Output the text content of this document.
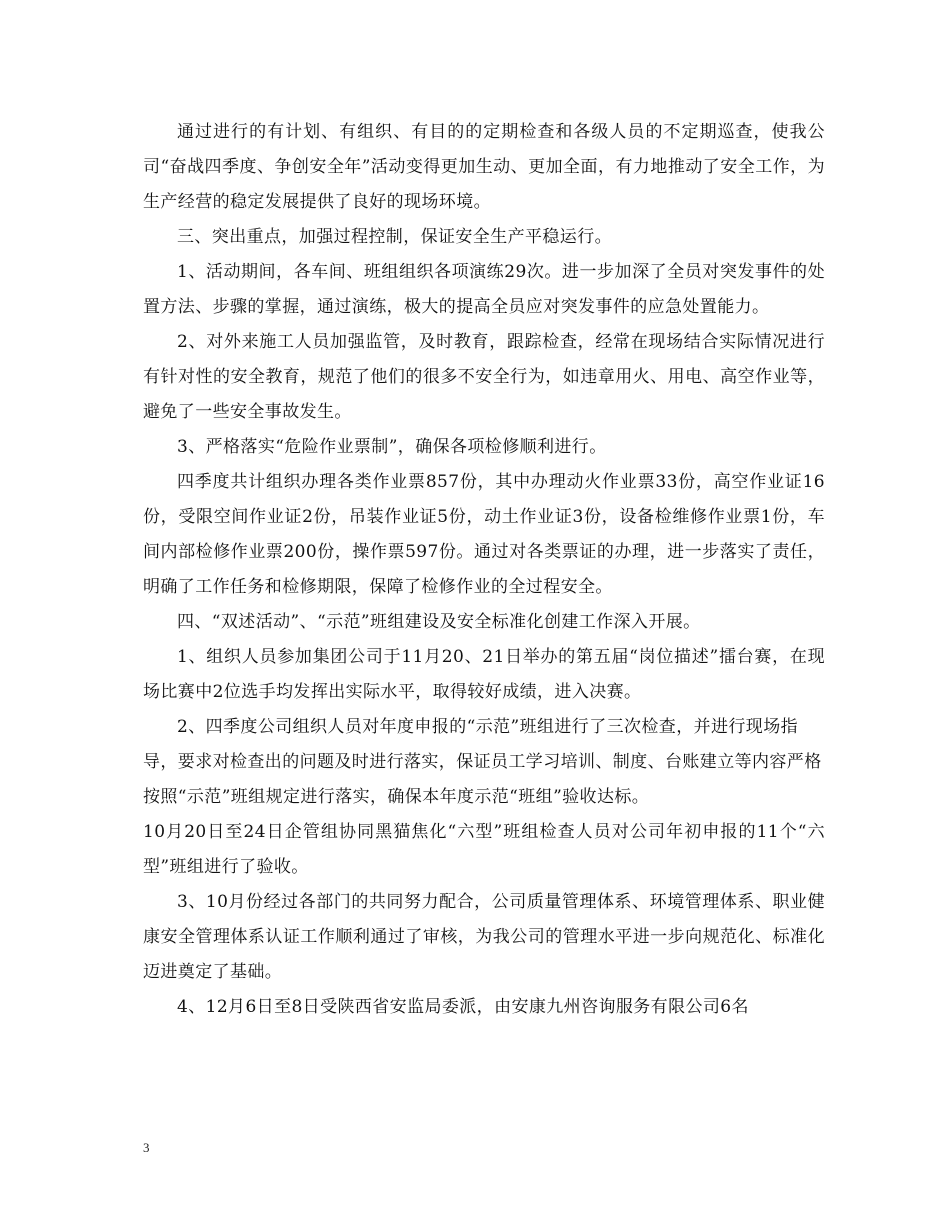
通过进行的有计划、有组织、有目的的定期检查和各级人员的不定期巡查，使我公司“奋战四季度、争创安全年”活动变得更加生动、更加全面，有力地推动了安全工作，为生产经营的稳定发展提供了良好的现场环境。

三、突出重点，加强过程控制，保证安全生产平稳运行。

1、活动期间，各车间、班组组织各项演练29次。进一步加深了全员对突发事件的处置方法、步骤的掌握，通过演练，极大的提高全员应对突发事件的应急处置能力。

2、对外来施工人员加强监管，及时教育，跟踪检查，经常在现场结合实际情况进行有针对性的安全教育，规范了他们的很多不安全行为，如违章用火、用电、高空作业等，避免了一些安全事故发生。

3、严格落实“危险作业票制”，确保各项检修顺利进行。

四季度共计组织办理各类作业票857份，其中办理动火作业票33份，高空作业证16份，受限空间作业证2份，吊装作业证5份，动土作业证3份，设备检维修作业票1份，车间内部检修作业票200份，操作票597份。通过对各类票证的办理，进一步落实了责任，明确了工作任务和检修期限，保障了检修作业的全过程安全。

四、“双述活动”、“示范”班组建设及安全标准化创建工作深入开展。

1、组织人员参加集团公司于11月20、21日举办的第五届“岗位描述”擂台赛，在现场比赛中2位选手均发挥出实际水平，取得较好成绩，进入决赛。

2、四季度公司组织人员对年度申报的“示范”班组进行了三次检查，并进行现场指导，要求对检查出的问题及时进行落实，保证员工学习培训、制度、台账建立等内容严格按照“示范”班组规定进行落实，确保本年度示范“班组”验收达标。

10月20日至24日企管组协同黑猫焦化“六型”班组检查人员对公司年初申报的11个“六型”班组进行了验收。

3、10月份经过各部门的共同努力配合，公司质量管理体系、环境管理体系、职业健康安全管理体系认证工作顺利通过了审核，为我公司的管理水平进一步向规范化、标准化迈进奠定了基础。

4、12月6日至8日受陕西省安监局委派，由安康九州咨询服务有限公司6名

3
